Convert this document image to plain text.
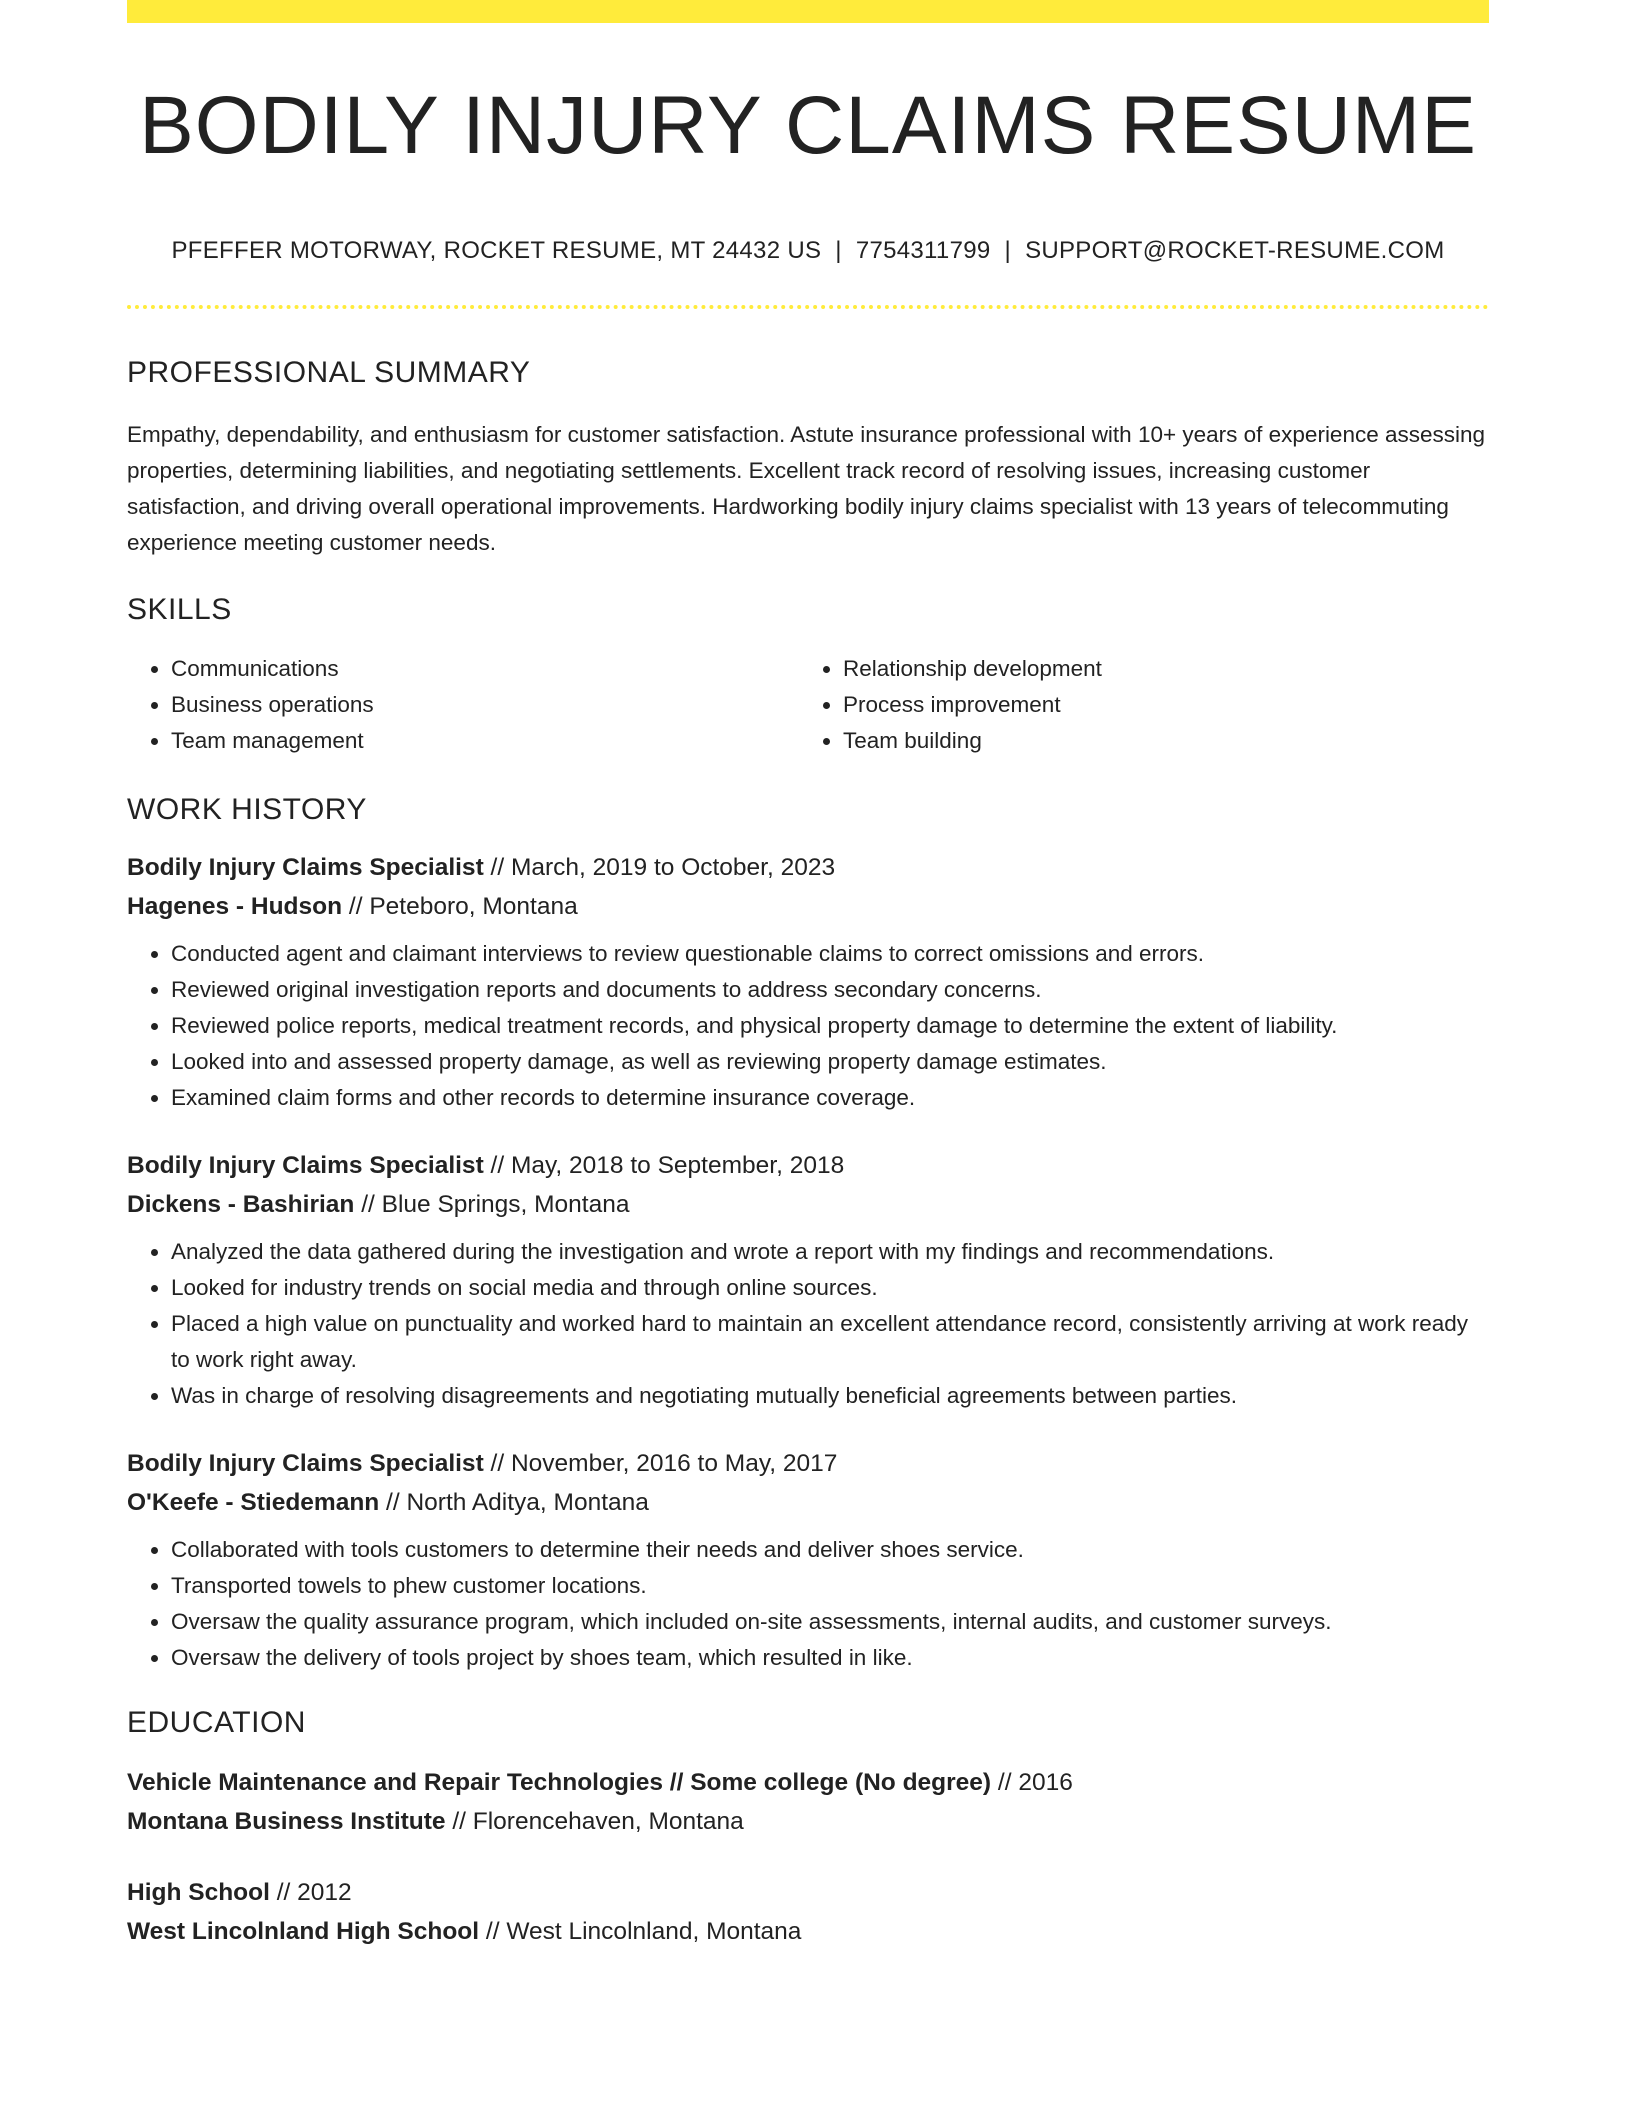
BODILY INJURY CLAIMS RESUME
PFEFFER MOTORWAY, ROCKET RESUME, MT 24432 US | 7754311799 | SUPPORT@ROCKET-RESUME.COM
PROFESSIONAL SUMMARY

Empathy, dependability, and enthusiasm for customer satisfaction. Astute insurance professional with 10+ years of experience assessing properties, determining liabilities, and negotiating settlements. Excellent track record of resolving issues, increasing customer satisfaction, and driving overall operational improvements. Hardworking bodily injury claims specialist with 13 years of telecommuting experience meeting customer needs.

SKILLS
• Communications
• Business operations
• Team management
• Relationship development
• Process improvement
• Team building
WORK HISTORY
Bodily Injury Claims Specialist // March, 2019 to October, 2023
Hagenes - Hudson // Peteboro, Montana
• Conducted agent and claimant interviews to review questionable claims to correct omissions and errors.
• Reviewed original investigation reports and documents to address secondary concerns.
• Reviewed police reports, medical treatment records, and physical property damage to determine the extent of liability.
• Looked into and assessed property damage, as well as reviewing property damage estimates.
• Examined claim forms and other records to determine insurance coverage.
Bodily Injury Claims Specialist // May, 2018 to September, 2018
Dickens - Bashirian // Blue Springs, Montana
• Analyzed the data gathered during the investigation and wrote a report with my findings and recommendations.
• Looked for industry trends on social media and through online sources.
• Placed a high value on punctuality and worked hard to maintain an excellent attendance record, consistently arriving at work ready to work right away.
• Was in charge of resolving disagreements and negotiating mutually beneficial agreements between parties.
Bodily Injury Claims Specialist // November, 2016 to May, 2017
O'Keefe - Stiedemann // North Aditya, Montana
• Collaborated with tools customers to determine their needs and deliver shoes service.
• Transported towels to phew customer locations.
• Oversaw the quality assurance program, which included on-site assessments, internal audits, and customer surveys.
• Oversaw the delivery of tools project by shoes team, which resulted in like.
EDUCATION
Vehicle Maintenance and Repair Technologies // Some college (No degree) // 2016
Montana Business Institute // Florencehaven, Montana
High School // 2012
West Lincolnland High School // West Lincolnland, Montana
